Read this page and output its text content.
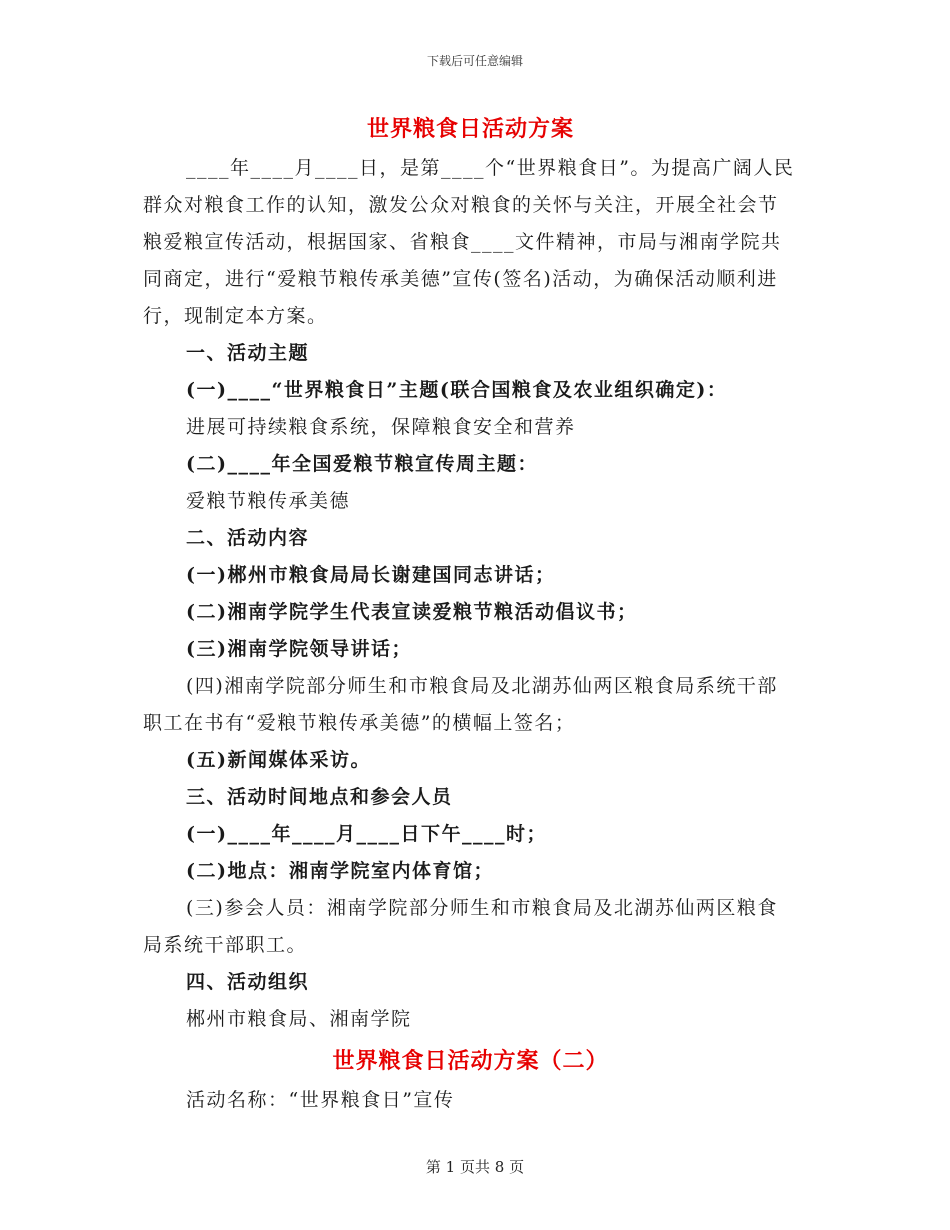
下载后可任意编辑
世界粮食日活动方案

____年____月____日，是第____个“世界粮食日”。为提高广阔人民群众对粮食工作的认知，激发公众对粮食的关怀与关注，开展全社会节粮爱粮宣传活动，根据国家、省粮食____文件精神，市局与湘南学院共同商定，进行“爱粮节粮传承美德”宣传(签名)活动，为确保活动顺利进行，现制定本方案。

一、活动主题

(一)____“世界粮食日”主题(联合国粮食及农业组织确定)：

进展可持续粮食系统，保障粮食安全和营养

(二)____年全国爱粮节粮宣传周主题：

爱粮节粮传承美德

二、活动内容

(一)郴州市粮食局局长谢建国同志讲话；

(二)湘南学院学生代表宣读爱粮节粮活动倡议书；

(三)湘南学院领导讲话；

(四)湘南学院部分师生和市粮食局及北湖苏仙两区粮食局系统干部职工在书有“爱粮节粮传承美德”的横幅上签名；

(五)新闻媒体采访。

三、活动时间地点和参会人员

(一)____年____月____日下午____时；

(二)地点：湘南学院室内体育馆；

(三)参会人员：湘南学院部分师生和市粮食局及北湖苏仙两区粮食局系统干部职工。

四、活动组织

郴州市粮食局、湘南学院

世界粮食日活动方案（二）

活动名称：“世界粮食日”宣传

第 1 页共 8 页
